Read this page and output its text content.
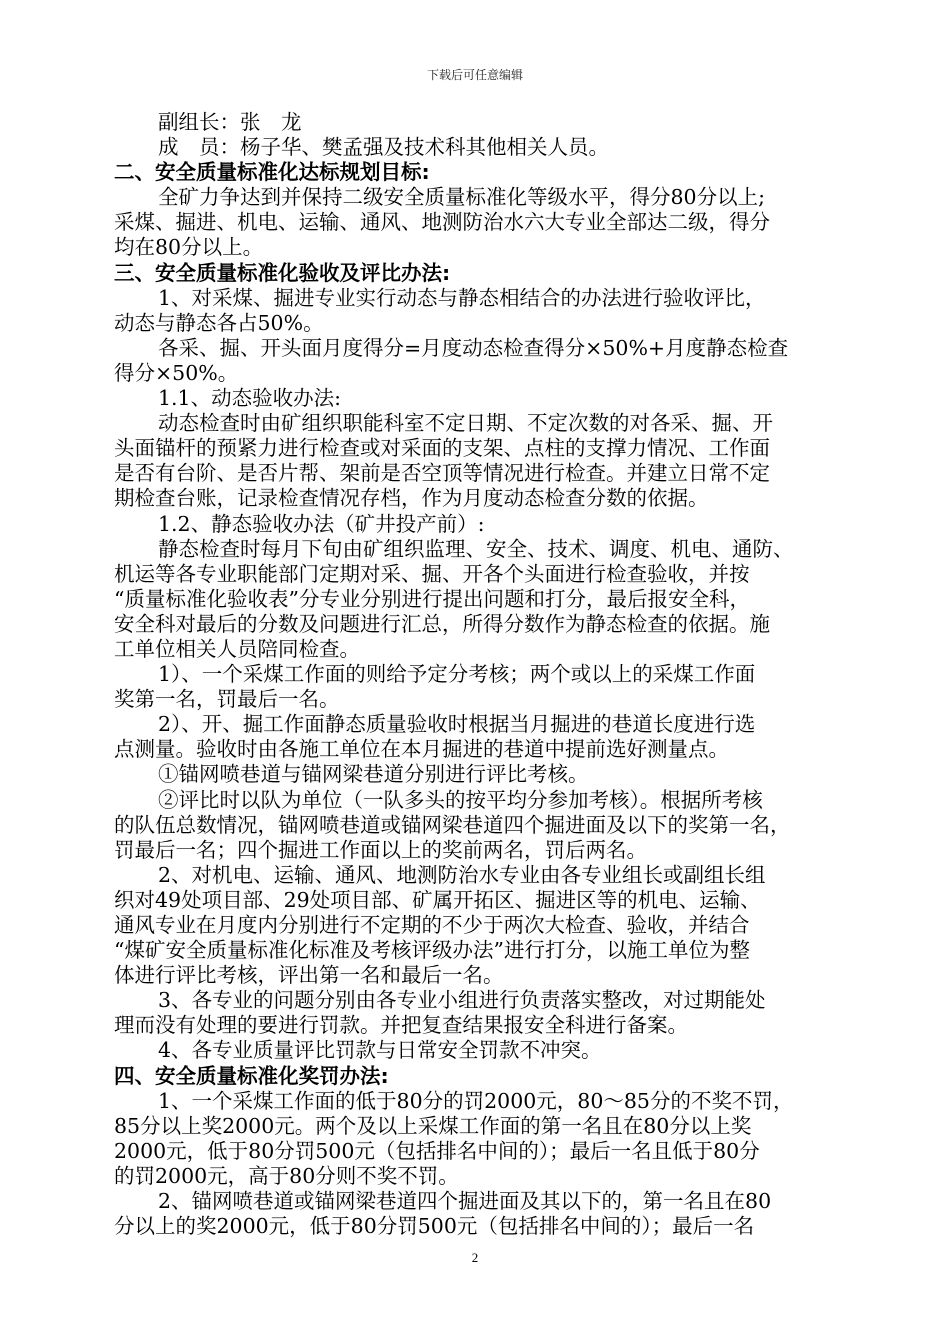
下载后可任意编辑
副组长：张　龙
成　员：杨子华、樊孟强及技术科其他相关人员。
二、安全质量标准化达标规划目标:
全矿力争达到并保持二级安全质量标准化等级水平，得分80分以上;
采煤、掘进、机电、运输、通风、地测防治水六大专业全部达二级，得分
均在80分以上。
三、安全质量标准化验收及评比办法:
1、对采煤、掘进专业实行动态与静态相结合的办法进行验收评比，
动态与静态各占50%。
各采、掘、开头面月度得分=月度动态检查得分×50%+月度静态检查
得分×50%。
1.1、动态验收办法:
动态检查时由矿组织职能科室不定日期、不定次数的对各采、掘、开
头面锚杆的预紧力进行检查或对采面的支架、点柱的支撑力情况、工作面
是否有台阶、是否片帮、架前是否空顶等情况进行检查。并建立日常不定
期检查台账，记录检查情况存档，作为月度动态检查分数的依据。
1.2、静态验收办法（矿井投产前）:
静态检查时每月下旬由矿组织监理、安全、技术、调度、机电、通防、
机运等各专业职能部门定期对采、掘、开各个头面进行检查验收，并按
“质量标准化验收表”分专业分别进行提出问题和打分，最后报安全科，
安全科对最后的分数及问题进行汇总，所得分数作为静态检查的依据。施
工单位相关人员陪同检查。
1）、一个采煤工作面的则给予定分考核；两个或以上的采煤工作面
奖第一名，罚最后一名。
2）、开、掘工作面静态质量验收时根据当月掘进的巷道长度进行选
点测量。验收时由各施工单位在本月掘进的巷道中提前选好测量点。
①锚网喷巷道与锚网梁巷道分别进行评比考核。
②评比时以队为单位（一队多头的按平均分参加考核）。根据所考核
的队伍总数情况，锚网喷巷道或锚网梁巷道四个掘进面及以下的奖第一名，
罚最后一名；四个掘进工作面以上的奖前两名，罚后两名。
2、对机电、运输、通风、地测防治水专业由各专业组长或副组长组
织对49处项目部、29处项目部、矿属开拓区、掘进区等的机电、运输、
通风专业在月度内分别进行不定期的不少于两次大检查、验收，并结合
“煤矿安全质量标准化标准及考核评级办法”进行打分，以施工单位为整
体进行评比考核，评出第一名和最后一名。
3、各专业的问题分别由各专业小组进行负责落实整改，对过期能处
理而没有处理的要进行罚款。并把复查结果报安全科进行备案。
4、各专业质量评比罚款与日常安全罚款不冲突。
四、安全质量标准化奖罚办法:
1、一个采煤工作面的低于80分的罚2000元，80～85分的不奖不罚，
85分以上奖2000元。两个及以上采煤工作面的第一名且在80分以上奖
2000元，低于80分罚500元（包括排名中间的）；最后一名且低于80分
的罚2000元，高于80分则不奖不罚。
2、锚网喷巷道或锚网梁巷道四个掘进面及其以下的，第一名且在80
分以上的奖2000元，低于80分罚500元（包括排名中间的）；最后一名
2
